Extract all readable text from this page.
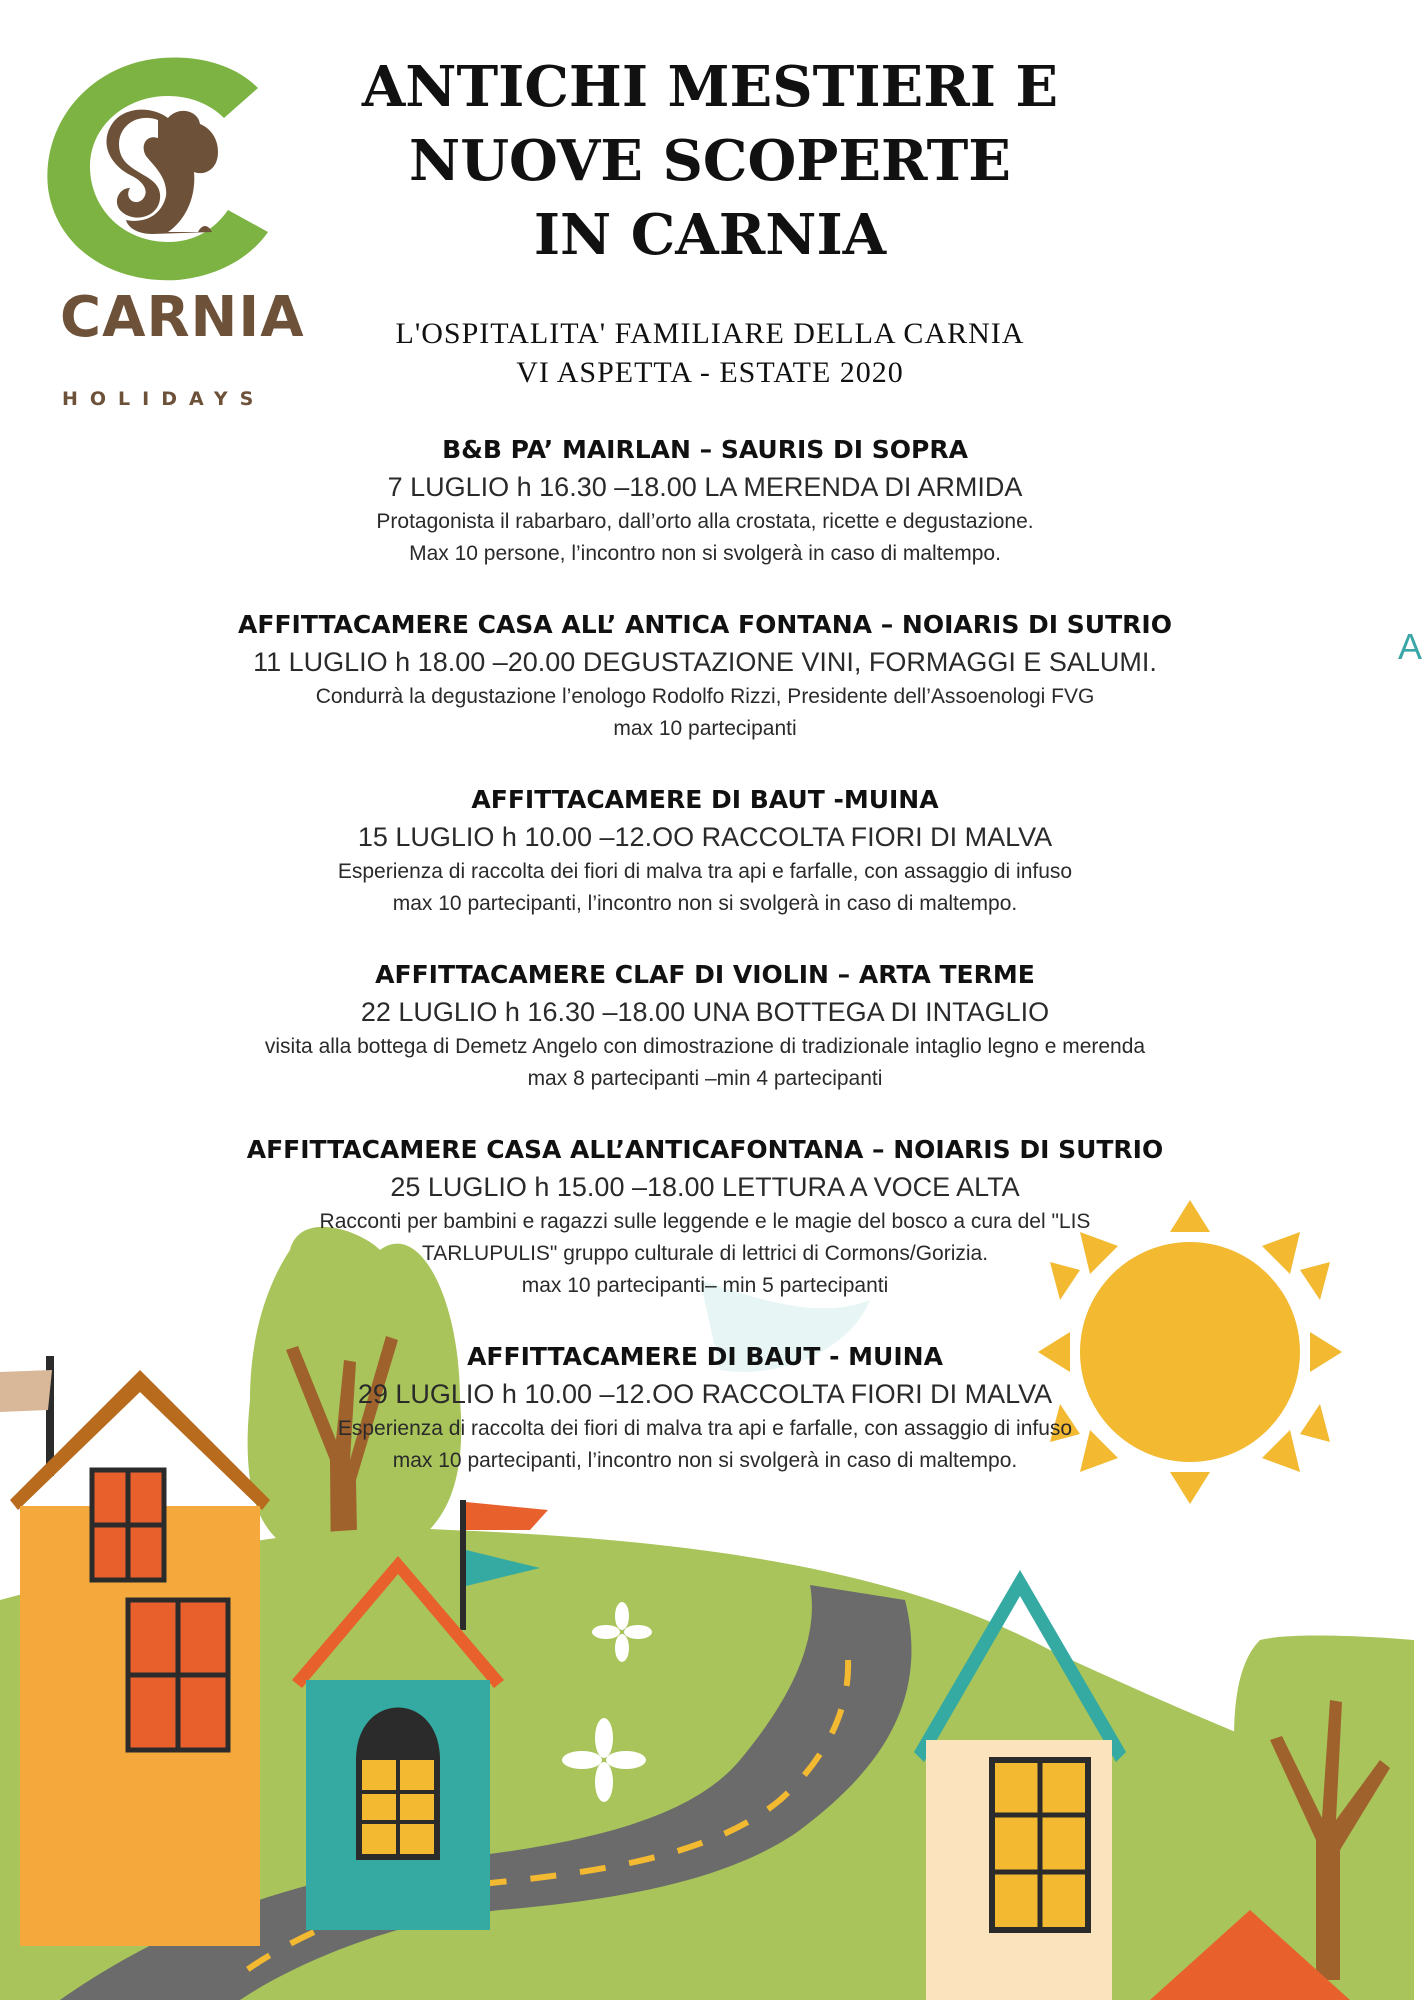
CARNIA
HOLIDAYS
ANTICHI MESTIERI E
NUOVE SCOPERTE
IN CARNIA
L'OSPITALITA' FAMILIARE DELLA CARNIA
VI ASPETTA - ESTATE 2020
B&B PA’ MAIRLAN – SAURIS DI SOPRA
7 LUGLIO h 16.30 –18.00 LA MERENDA DI ARMIDA
Protagonista il rabarbaro, dall’orto alla crostata, ricette e degustazione.
Max 10 persone, l’incontro non si svolgerà in caso di maltempo.
AFFITTACAMERE CASA ALL’ ANTICA FONTANA – NOIARIS DI SUTRIO
11 LUGLIO h 18.00 –20.00 DEGUSTAZIONE VINI, FORMAGGI E SALUMI.
Condurrà la degustazione l’enologo Rodolfo Rizzi, Presidente dell’Assoenologi FVG
max 10 partecipanti
AFFITTACAMERE DI BAUT -MUINA
15 LUGLIO h 10.00 –12.OO RACCOLTA FIORI DI MALVA
Esperienza di raccolta dei fiori di malva tra api e farfalle, con assaggio di infuso
max 10 partecipanti, l’incontro non si svolgerà in caso di maltempo.
AFFITTACAMERE CLAF DI VIOLIN – ARTA TERME
22 LUGLIO h 16.30 –18.00 UNA BOTTEGA DI INTAGLIO
visita alla bottega di Demetz Angelo con dimostrazione di tradizionale intaglio legno e merenda
max 8 partecipanti –min 4 partecipanti
AFFITTACAMERE CASA ALL’ANTICAFONTANA – NOIARIS DI SUTRIO
25 LUGLIO h 15.00 –18.00 LETTURA A VOCE ALTA
Racconti per bambini e ragazzi sulle leggende e le magie del bosco a cura del "LIS
TARLUPULIS" gruppo culturale di lettrici di Cormons/Gorizia.
max 10 partecipanti– min 5 partecipanti
AFFITTACAMERE DI BAUT - MUINA
29 LUGLIO h 10.00 –12.OO RACCOLTA FIORI DI MALVA
Esperienza di raccolta dei fiori di malva tra api e farfalle, con assaggio di infuso
max 10 partecipanti, l’incontro non si svolgerà in caso di maltempo.
A
